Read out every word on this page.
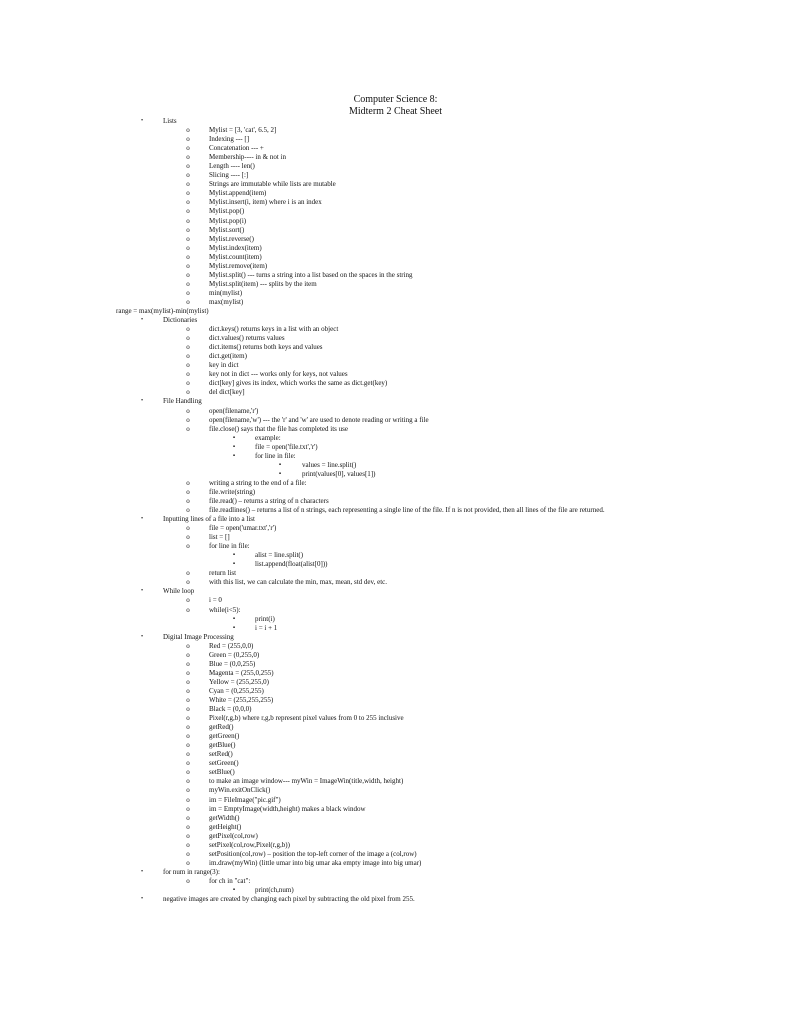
Computer Science 8:
Midterm 2 Cheat Sheet
•	Lists
o	Mylist = [3, 'cat', 6.5, 2]
o	Indexing --- []
o	Concatenation --- +
o	Membership---- in & not in
o	Length ---- len()
o	Slicing ---- [:]
o	Strings are immutable while lists are mutable
o	Mylist.append(item)
o	Mylist.insert(i, item) where i is an index
o	Mylist.pop()
o	Mylist.pop(i)
o	Mylist.sort()
o	Mylist.reverse()
o	Mylist.index(item)
o	Mylist.count(item)
o	Mylist.remove(item)
o	Mylist.split() --- turns a string into a list based on the spaces in the string
o	Mylist.split(item) --- splits by the item
o	min(mylist)
o	max(mylist)
range = max(mylist)-min(mylist)
•	Dictionaries
o	dict.keys() returns keys in a list with an object
o	dict.values() returns values
o	dict.items() returns both keys and values
o	dict.get(item)
o	key in dict
o	key not in dict --- works only for keys, not values
o	dict[key] gives its index, which works the same as dict.get(key)
o	del dict[key]
•	File Handling
o	open(filename,'r')
o	open(filename,'w') --- the 'r' and 'w' are used to denote reading or writing a file
o	file.close() says that the file has completed its use
▪	example:
▪	file = open('file.txt','r')
▪	for line in file:
▪	values = line.split()
▪	print(values[0], values[1])
o	writing a string to the end of a file:
o	file.write(string)
o	file.read() – returns a string of n characters
o	file.readlines() – returns a list of n strings, each representing a single line of the file. If n is not provided, then all lines of the file are returned.
•	Inputting lines of a file into a list
o	file = open('umar.txt','r')
o	list = []
o	for line in file:
▪	alist = line.split()
▪	list.append(float(alist[0]))
o	return list
o	with this list, we can calculate the min, max, mean, std dev, etc.
•	While loop
o	i = 0
o	while(i<5):
▪	print(i)
▪	i = i + 1
•	Digital Image Processing
o	Red = (255,0,0)
o	Green = (0,255,0)
o	Blue = (0,0,255)
o	Magenta = (255,0,255)
o	Yellow = (255,255,0)
o	Cyan = (0,255,255)
o	White = (255,255,255)
o	Black = (0,0,0)
o	Pixel(r,g,b) where r,g,b represent pixel values from 0 to 255 inclusive
o	getRed()
o	getGreen()
o	getBlue()
o	setRed()
o	setGreen()
o	setBlue()
o	to make an image window--- myWin = ImageWin(title,width, height)
o	myWin.exitOnClick()
o	im = FileImage("pic.gif")
o	im = EmptyImage(width,height) makes a black window
o	getWidth()
o	getHeight()
o	getPixel(col,row)
o	setPixel(col,row,Pixel(r,g,b))
o	setPosition(col,row) – position the top-left corner of the image a (col,row)
o	im.draw(myWin) (little umar into big umar aka empty image into big umar)
•	for num in range(3):
o	for ch in "cat":
▪	print(ch,num)
•	negative images are created by changing each pixel by subtracting the old pixel from 255.
